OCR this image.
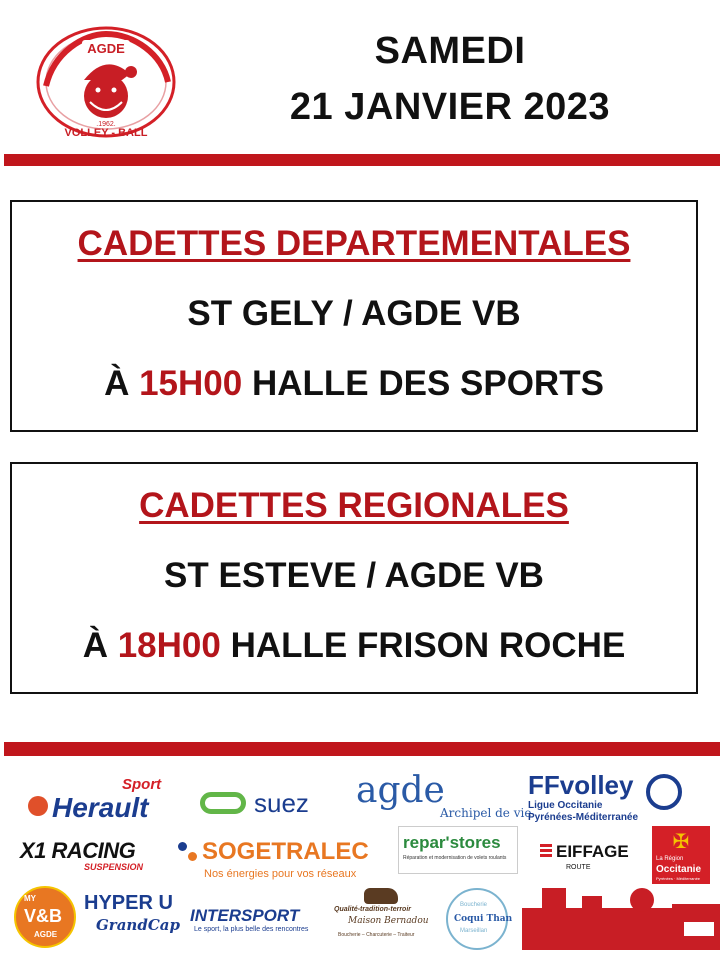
AGDE
.1962.
VOLLEY - BALL
SAMEDI
21 JANVIER 2023
CADETTES DEPARTEMENTALES
ST GELY / AGDE VB
À 15H00 HALLE DES SPORTS
CADETTES REGIONALES
ST ESTEVE / AGDE VB
À 18H00 HALLE FRISON ROCHE
Sport
Herault	suez agde
Archipel de vie
FFvolley
Ligue Occitanie
Pyrénées-Méditerranée
X1 RACING
SUSPENSION
SOGETRALEC
Nos énergies pour vos réseaux
repar'stores
Réparation et modernisation de volets roulants	EIFFAGE
ROUTE
✠
La Région
Occitanie
Pyrénées · Méditerranée
MY
V&B
AGDE
HYPER U
GrandCap INTERSPORT
Le sport, la plus belle des rencontres
Qualité-tradition-terroir
Maison Bernadou
Boucherie – Charcuterie – Traiteur
Boucherie
Coqui Than
Marseillan
